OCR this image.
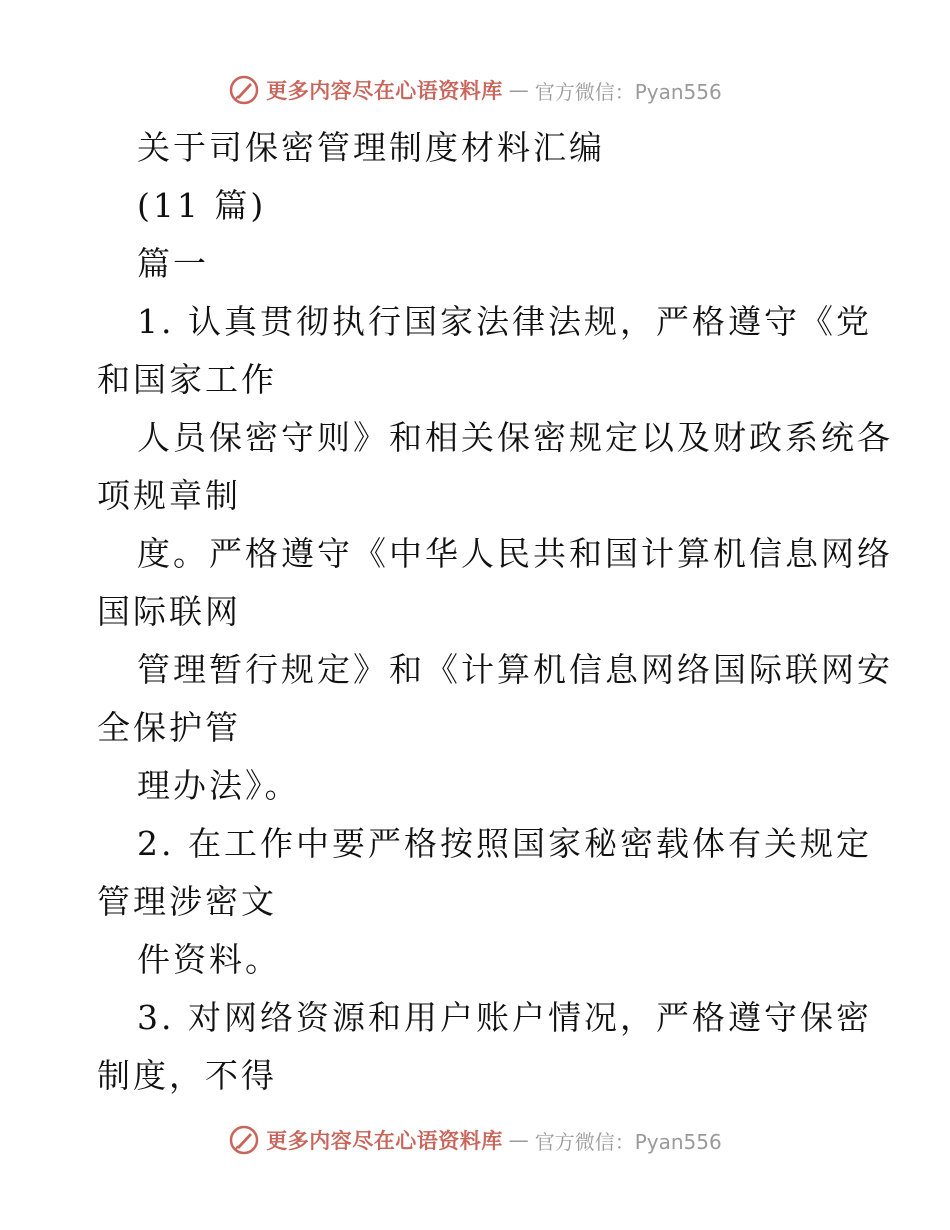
更多内容尽在心语资料库 — 官方微信：Pyan556
关于司保密管理制度材料汇编
(11 篇)
篇一
1. 认真贯彻执行国家法律法规，严格遵守《党
和国家工作
人员保密守则》和相关保密规定以及财政系统各
项规章制
度。严格遵守《中华人民共和国计算机信息网络
国际联网
管理暂行规定》和《计算机信息网络国际联网安
全保护管
理办法》。
2. 在工作中要严格按照国家秘密载体有关规定
管理涉密文
件资料。
3. 对网络资源和用户账户情况，严格遵守保密
制度，不得
更多内容尽在心语资料库 — 官方微信：Pyan556
